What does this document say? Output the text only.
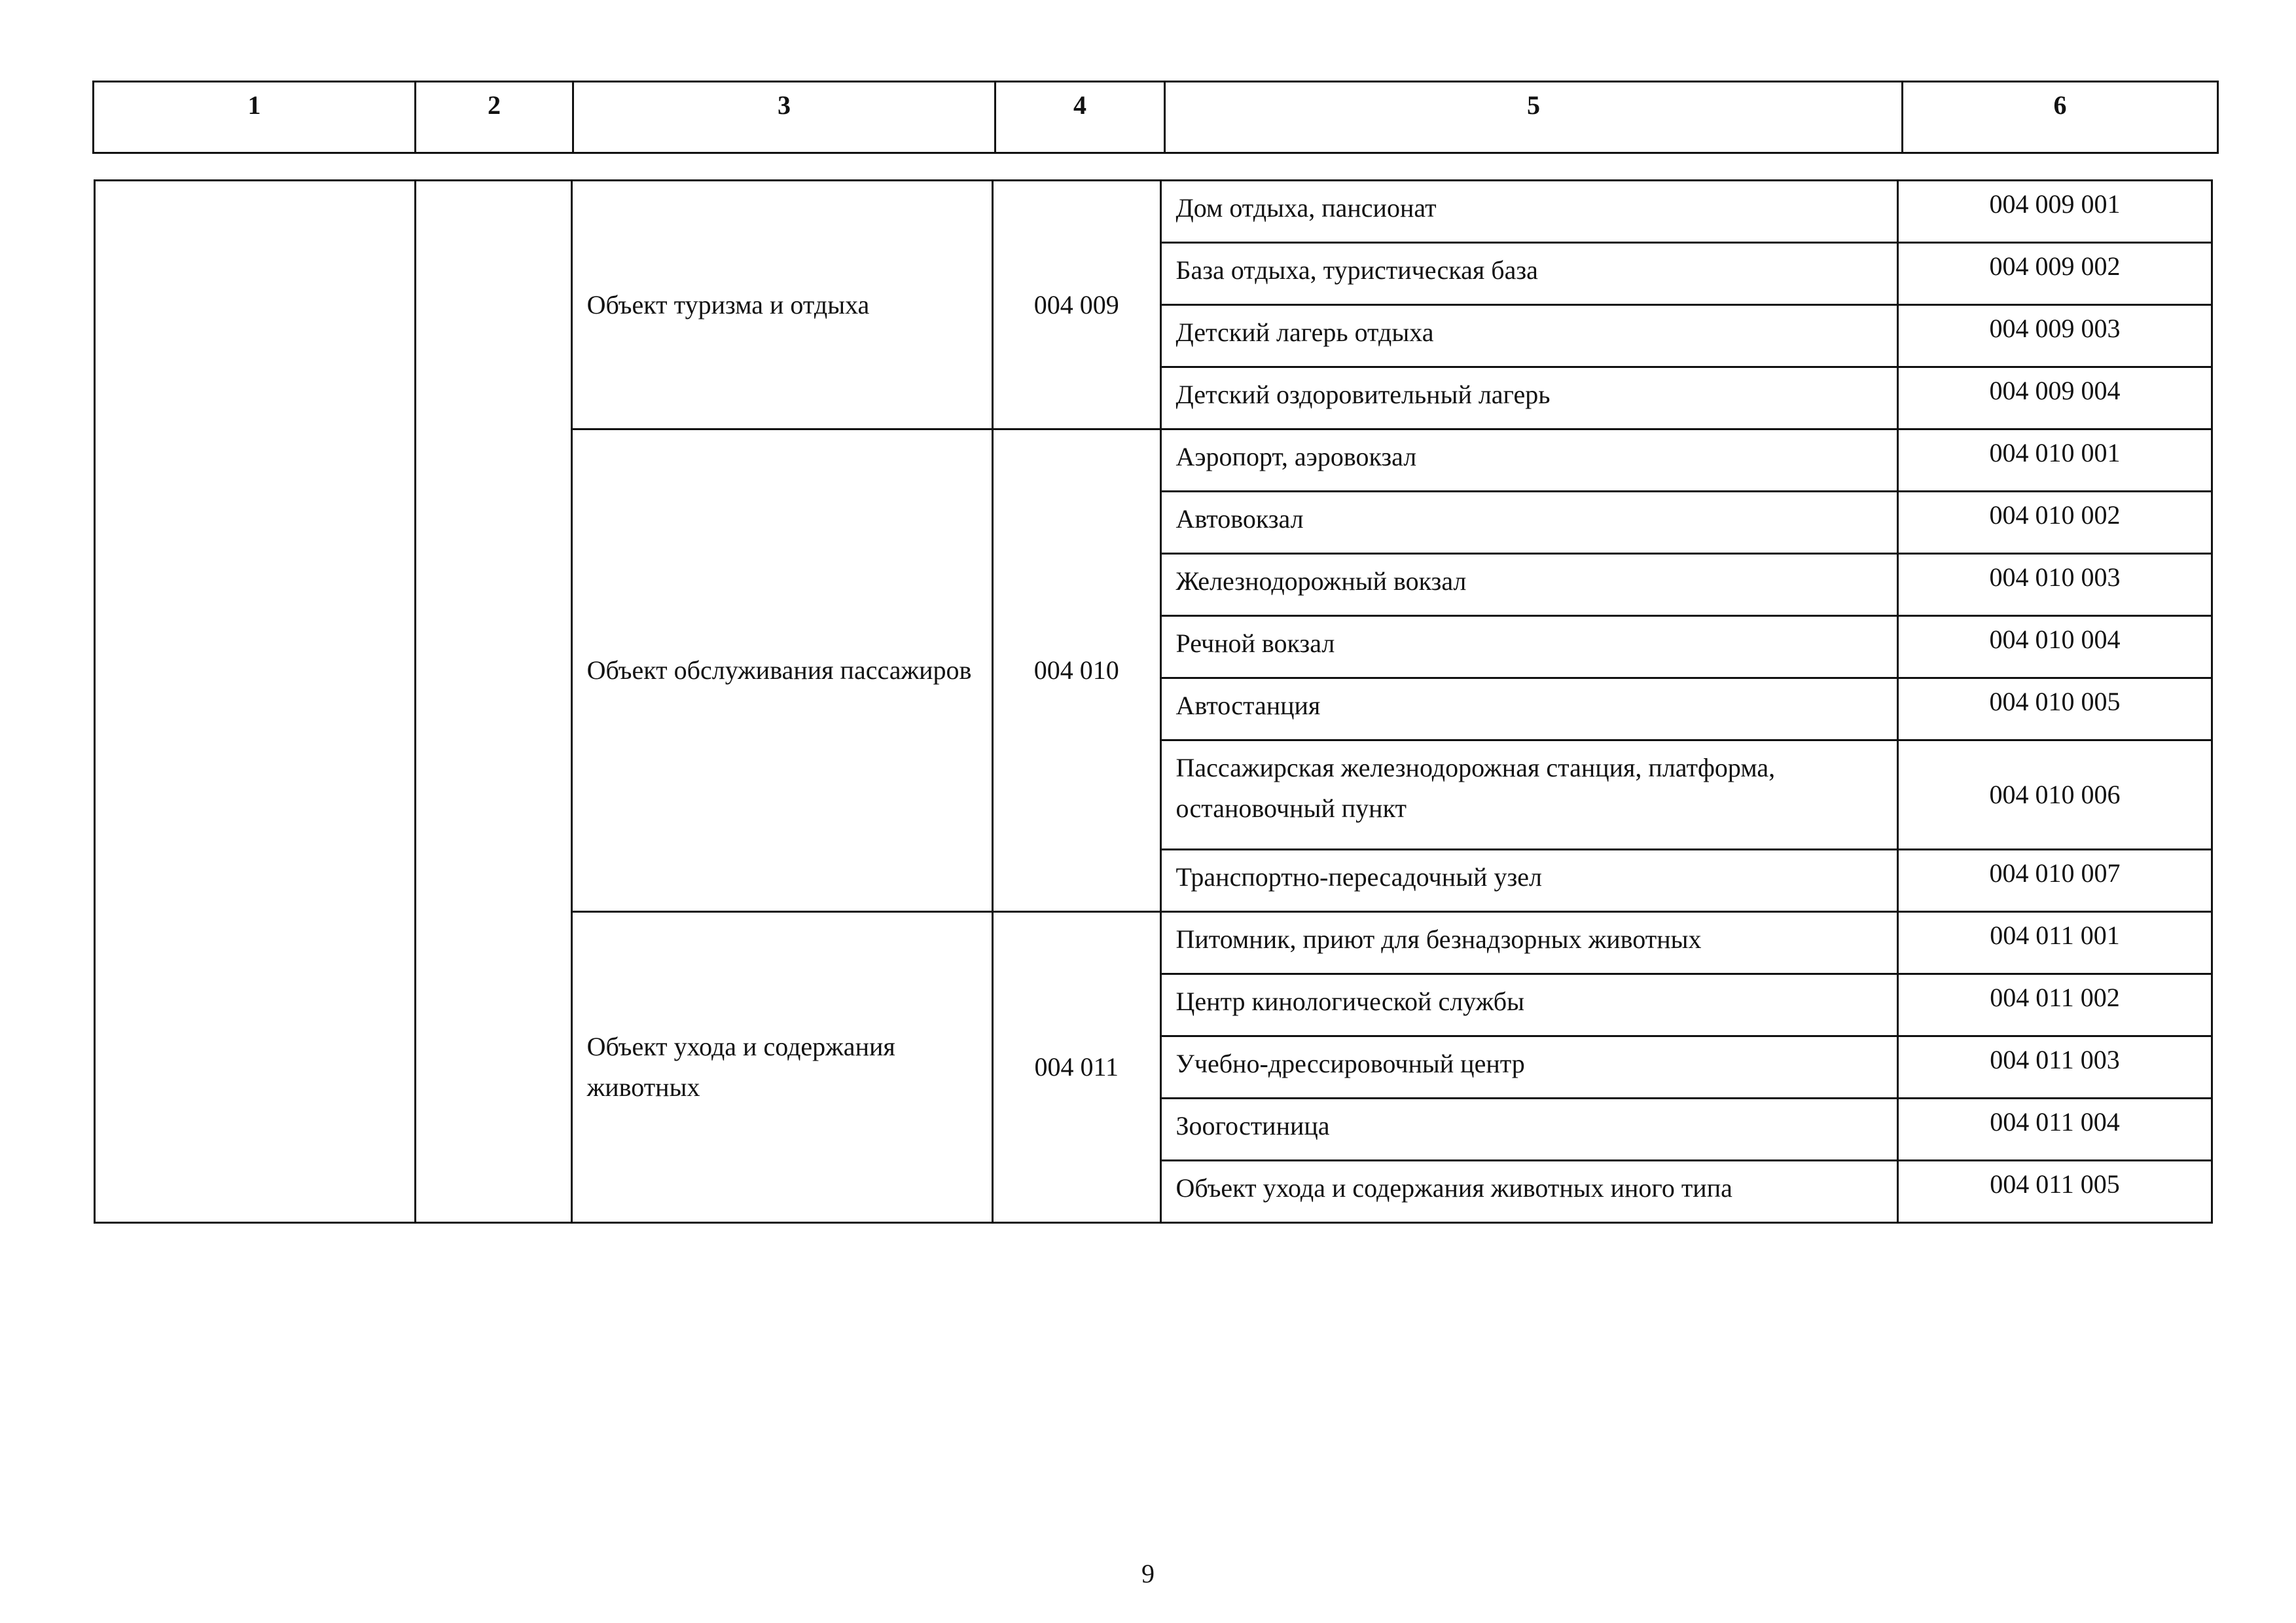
1	2	3	4	5	6
		Объект туризма и отдыха	004 009	Дом отдыха, пансионат	004 009 001
				База отдыха, туристическая база	004 009 002
				Детский лагерь отдыха	004 009 003
				Детский оздоровительный лагерь	004 009 004
		Объект обслуживания пассажиров	004 010	Аэропорт, аэровокзал	004 010 001
				Автовокзал	004 010 002
				Железнодорожный вокзал	004 010 003
				Речной вокзал	004 010 004
				Автостанция	004 010 005
				Пассажирская железнодорожная станция, платформа, остановочный пункт	004 010 006
				Транспортно-пересадочный узел	004 010 007
		Объект ухода и содержания животных	004 011	Питомник, приют для безнадзорных животных	004 011 001
				Центр кинологической службы	004 011 002
				Учебно-дрессировочный центр	004 011 003
				Зоогостиница	004 011 004
				Объект ухода и содержания животных иного типа	004 011 005
9
